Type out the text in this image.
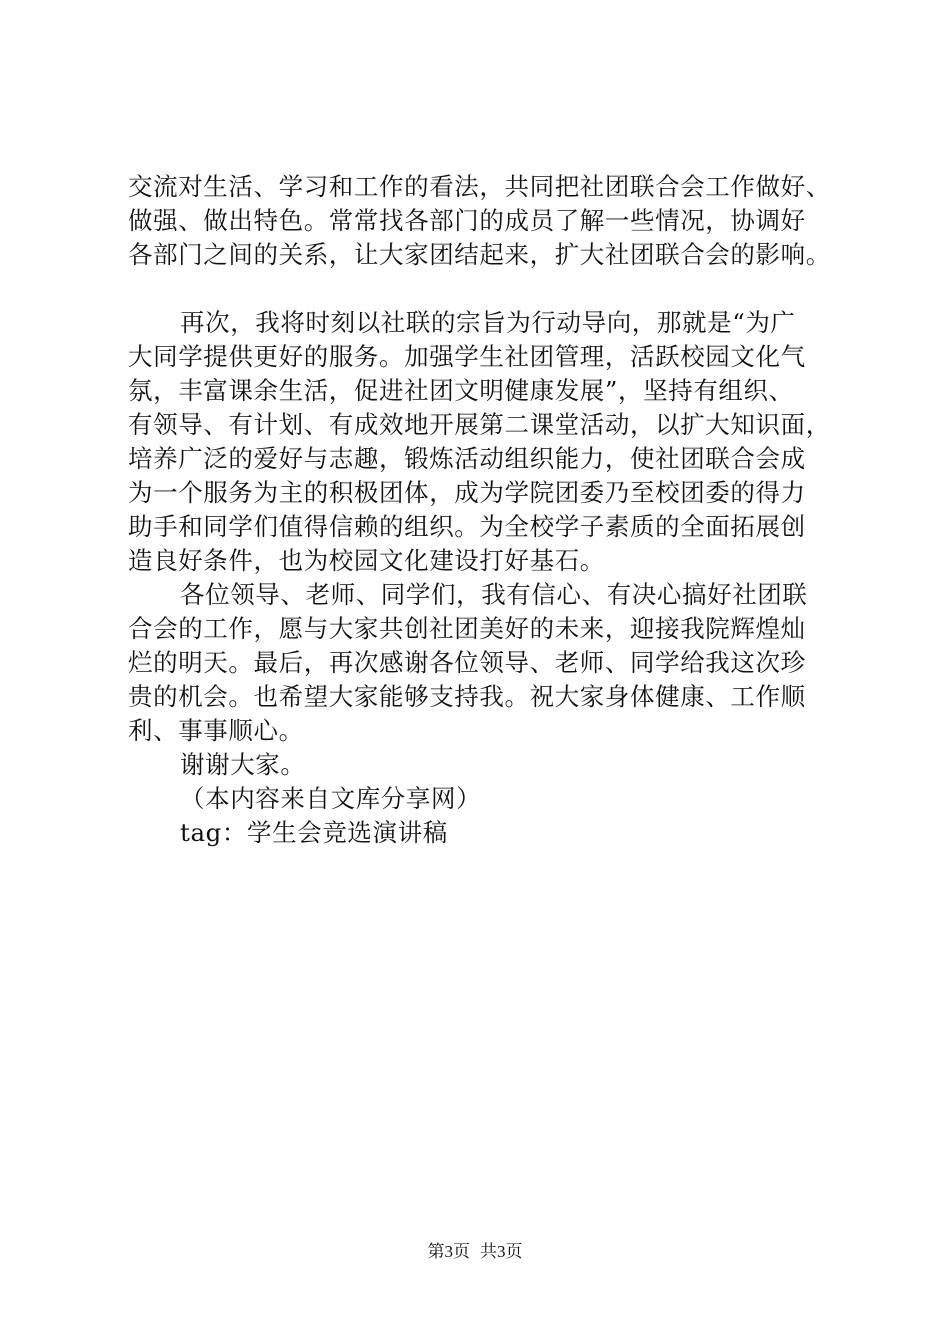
交流对生活、学习和工作的看法，共同把社团联合会工作做好、
做强、做出特色。常常找各部门的成员了解一些情况，协调好
各部门之间的关系，让大家团结起来，扩大社团联合会的影响。
再次，我将时刻以社联的宗旨为行动导向，那就是“为广
大同学提供更好的服务。加强学生社团管理，活跃校园文化气
氛，丰富课余生活，促进社团文明健康发展”，坚持有组织、
有领导、有计划、有成效地开展第二课堂活动，以扩大知识面，
培养广泛的爱好与志趣，锻炼活动组织能力，使社团联合会成
为一个服务为主的积极团体，成为学院团委乃至校团委的得力
助手和同学们值得信赖的组织。为全校学子素质的全面拓展创
造良好条件，也为校园文化建设打好基石。
各位领导、老师、同学们，我有信心、有决心搞好社团联
合会的工作，愿与大家共创社团美好的未来，迎接我院辉煌灿
烂的明天。最后，再次感谢各位领导、老师、同学给我这次珍
贵的机会。也希望大家能够支持我。祝大家身体健康、工作顺
利、事事顺心。
谢谢大家。
（本内容来自文库分享网）
tag：学生会竞选演讲稿
第3页 共3页
